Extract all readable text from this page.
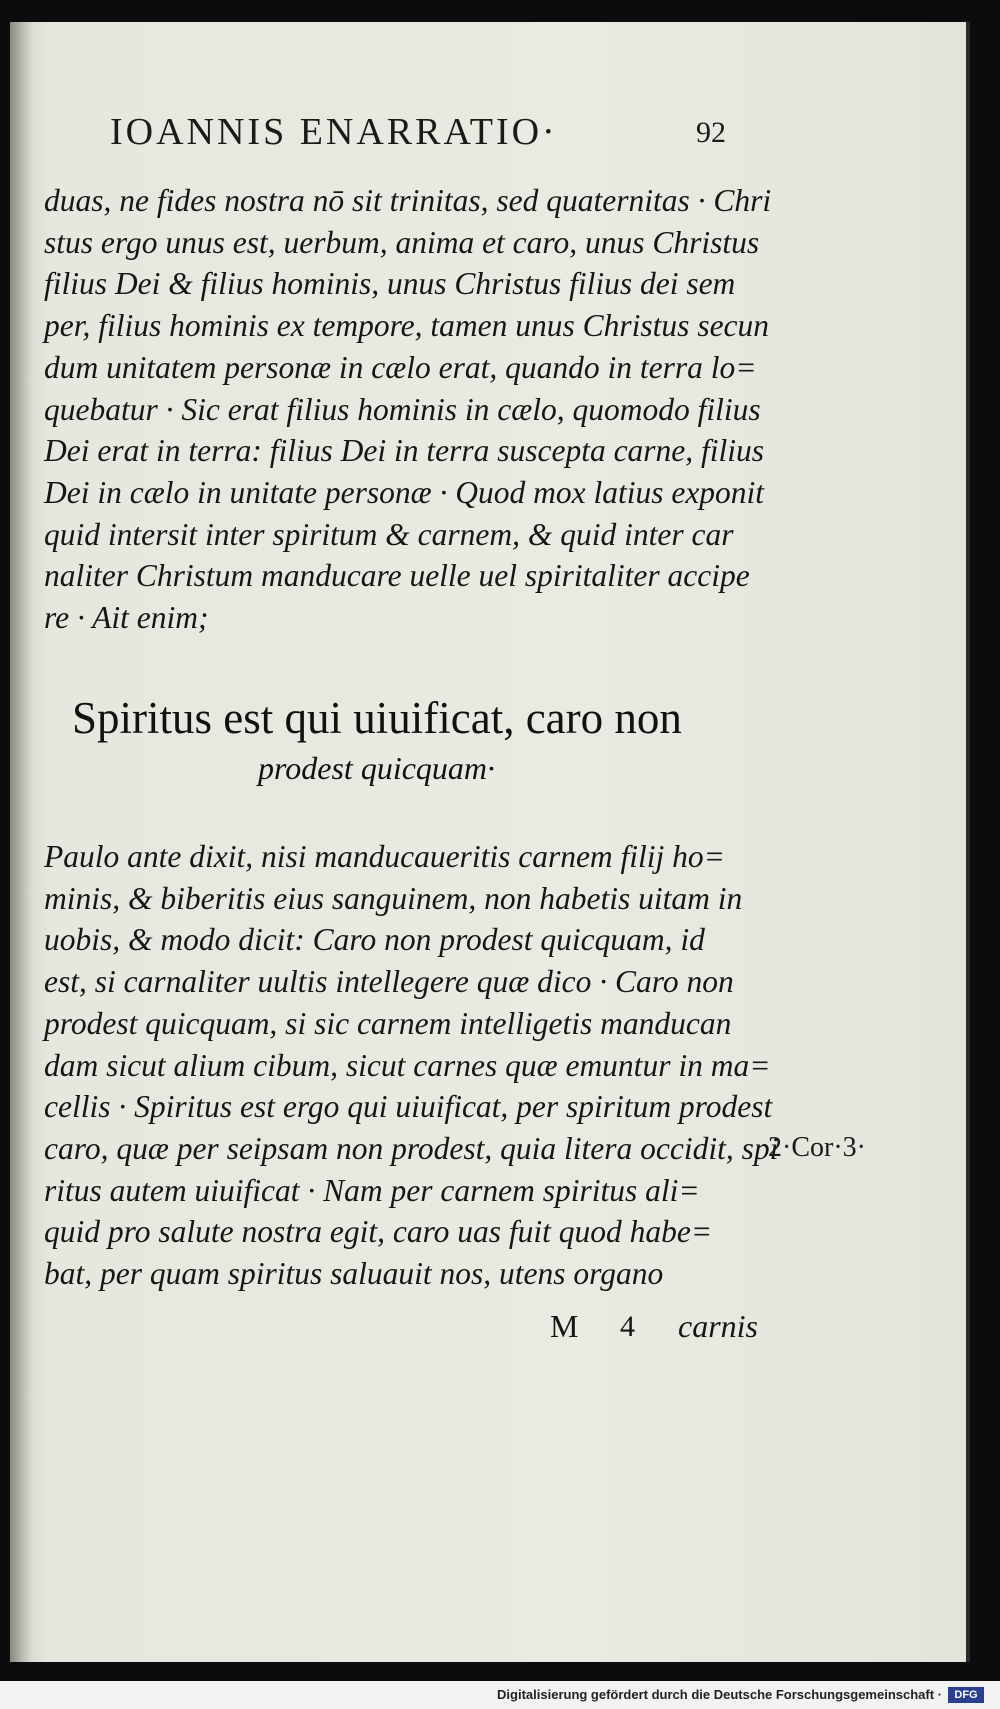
IOANNIS ENARRATIO·	92
duas, ne fides nostra nō sit trinitas, sed quaternitas · Chri
stus ergo unus est, uerbum, anima et caro, unus Christus
filius Dei & filius hominis, unus Christus filius dei sem
per, filius hominis ex tempore, tamen unus Christus secun
dum unitatem personæ in cælo erat, quando in terra lo=
quebatur · Sic erat filius hominis in cælo, quomodo filius
Dei erat in terra: filius Dei in terra suscepta carne, filius
Dei in cælo in unitate personæ · Quod mox latius exponit
quid intersit inter spiritum & carnem, & quid inter car
naliter Christum manducare uelle uel spiritaliter accipe
re · Ait enim;
Spiritus est qui uiuificat, caro non
prodest quicquam·
Paulo ante dixit, nisi manducaueritis carnem filij ho=
minis, & biberitis eius sanguinem, non habetis uitam in
uobis, & modo dicit: Caro non prodest quicquam, id
est, si carnaliter uultis intellegere quæ dico · Caro non
prodest quicquam, si sic carnem intelligetis manducan
dam sicut alium cibum, sicut carnes quæ emuntur in ma=
cellis · Spiritus est ergo qui uiuificat, per spiritum prodest
caro, quæ per seipsam non prodest, quia litera occidit, spi
ritus autem uiuificat · Nam per carnem spiritus ali=
quid pro salute nostra egit, caro uas fuit quod habe=
bat, per quam spiritus saluauit nos, utens organo
2·Cor·3·
M 4 carnis
Digitalisierung gefördert durch die Deutsche Forschungsgemeinschaft ·	DFG
